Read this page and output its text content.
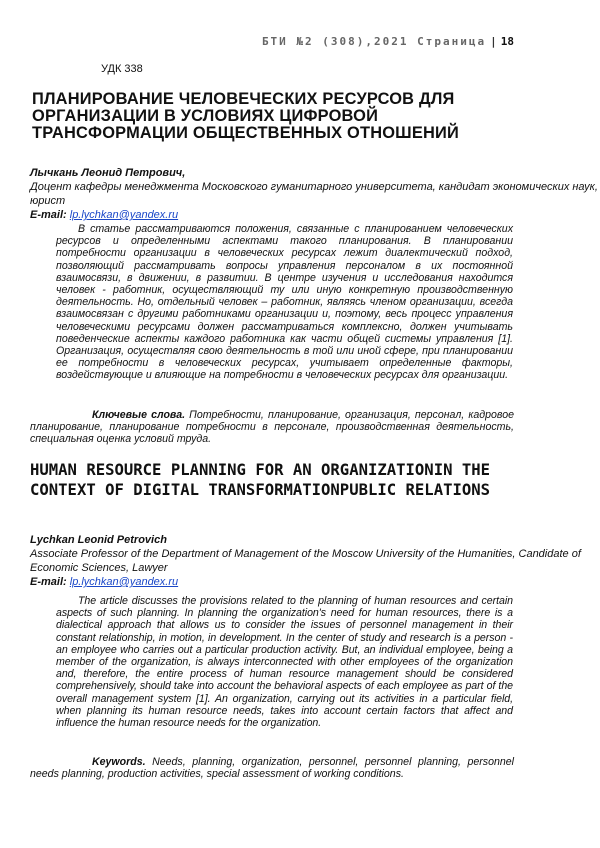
БТИ №2 (308),2021 Страница | 18
УДК 338
ПЛАНИРОВАНИЕ ЧЕЛОВЕЧЕСКИХ РЕСУРСОВ ДЛЯ ОРГАНИЗАЦИИ В УСЛОВИЯХ ЦИФРОВОЙ ТРАНСФОРМАЦИИ ОБЩЕСТВЕННЫХ ОТНОШЕНИЙ
Лычкань Леонид Петрович,
Доцент кафедры менеджмента Московского гуманитарного университета, кандидат экономических наук, юрист
E-mail: lp.lychkan@yandex.ru

В статье рассматриваются положения, связанные с планированием человеческих ресурсов и определенными аспектами такого планирования. В планировании потребности организации в человеческих ресурсах лежит диалектический подход, позволяющий рассматривать вопросы управления персоналом в их постоянной взаимосвязи, в движении, в развитии. В центре изучения и исследования находится человек - работник, осуществляющий ту или иную конкретную производственную деятельность. Но, отдельный человек – работник, являясь членом организации, всегда взаимосвязан с другими работниками организации и, поэтому, весь процесс управления человеческими ресурсами должен рассматриваться комплексно, должен учитывать поведенческие аспекты каждого работника как части общей системы управления [1]. Организация, осуществляя свою деятельность в той или иной сфере, при планировании ее потребности в человеческих ресурсах, учитывает определенные факторы, воздействующие и влияющие на потребности в человеческих ресурсах для организации.

Ключевые слова. Потребности, планирование, организация, персонал, кадровое планирование, планирование потребности в персонале, производственная деятельность, специальная оценка условий труда.

HUMAN RESOURCE PLANNING FOR AN ORGANIZATIONIN THE CONTEXT OF DIGITAL TRANSFORMATIONPUBLIC RELATIONS
Lychkan Leonid Petrovich
Associate Professor of the Department of Management of the Moscow University of the Humanities, Candidate of Economic Sciences, Lawyer
E-mail: lp.lychkan@yandex.ru

The article discusses the provisions related to the planning of human resources and certain aspects of such planning. In planning the organization's need for human resources, there is a dialectical approach that allows us to consider the issues of personnel management in their constant relationship, in motion, in development. In the center of study and research is a person - an employee who carries out a particular production activity. But, an individual employee, being a member of the organization, is always interconnected with other employees of the organization and, therefore, the entire process of human resource management should be considered comprehensively, should take into account the behavioral aspects of each employee as part of the overall management system [1]. An organization, carrying out its activities in a particular field, when planning its human resource needs, takes into account certain factors that affect and influence the human resource needs for the organization.

Keywords. Needs, planning, organization, personnel, personnel planning, personnel needs planning, production activities, special assessment of working conditions.
